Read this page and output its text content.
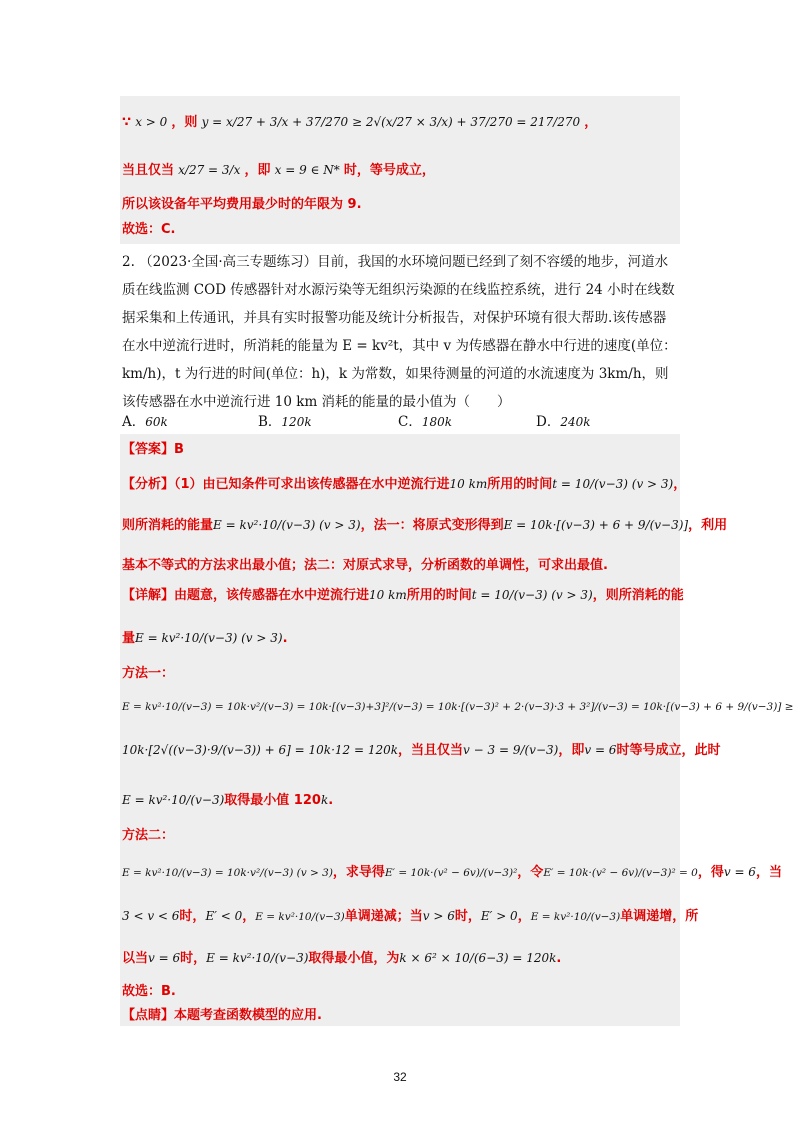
∵ x > 0 ，则 y = x/27 + 3/x + 37/270 ≥ 2√(x/27 × 3/x) + 37/270 = 217/270 ，
当且仅当 x/27 = 3/x ，即 x = 9 ∈ N* 时，等号成立，
所以该设备年平均费用最少时的年限为 9.
故选：C.
2. （2023·全国·高三专题练习）目前，我国的水环境问题已经到了刻不容缓的地步，河道水质在线监测 COD 传感器针对水源污染等无组织污染源的在线监控系统，进行 24 小时在线数据采集和上传通讯，并具有实时报警功能及统计分析报告，对保护环境有很大帮助.该传感器在水中逆流行进时，所消耗的能量为 E = kv²t，其中 v 为传感器在静水中行进的速度(单位：km/h)，t 为行进的时间(单位：h)，k 为常数，如果待测量的河道的水流速度为 3km/h，则该传感器在水中逆流行进 10 km 消耗的能量的最小值为（　　）
A．60k	B．120k	C．180k	D．240k
【答案】B
【分析】（1）由已知条件可求出该传感器在水中逆流行进10 km所用的时间t = 10/(v−3) (v > 3)，
则所消耗的能量E = kv²·10/(v−3) (v > 3)，法一：将原式变形得到E = 10k·[(v−3) + 6 + 9/(v−3)]，利用
基本不等式的方法求出最小值；法二：对原式求导，分析函数的单调性，可求出最值.
【详解】由题意，该传感器在水中逆流行进10 km所用的时间t = 10/(v−3) (v > 3)，则所消耗的能
量E = kv²·10/(v−3) (v > 3).
方法一：
E = kv²·10/(v−3) = 10k·v²/(v−3) = 10k·[(v−3)+3]²/(v−3) = 10k·[(v−3)² + 2·(v−3)·3 + 3²]/(v−3) = 10k·[(v−3) + 6 + 9/(v−3)] ≥
10k·[2√((v−3)·9/(v−3)) + 6] = 10k·12 = 120k，当且仅当v − 3 = 9/(v−3)，即v = 6时等号成立，此时
E = kv²·10/(v−3)取得最小值 120k.
方法二：
E = kv²·10/(v−3) = 10k·v²/(v−3) (v > 3)，求导得E′ = 10k·(v² − 6v)/(v−3)²，令E′ = 10k·(v² − 6v)/(v−3)² = 0，得v = 6，当
3 < v < 6时，E′ < 0，E = kv²·10/(v−3)单调递减；当v > 6时，E′ > 0，E = kv²·10/(v−3)单调递增，所
以当v = 6时，E = kv²·10/(v−3)取得最小值，为k × 6² × 10/(6−3) = 120k.
故选：B.
【点睛】本题考查函数模型的应用.
32
